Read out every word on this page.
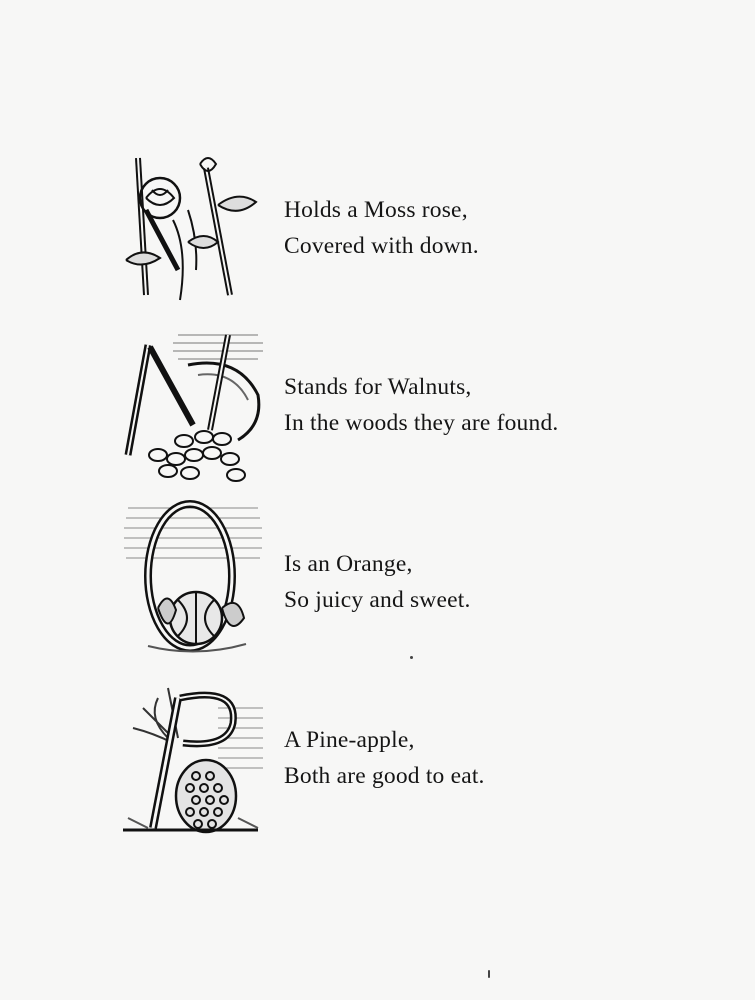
Holds a Moss rose,
Covered with down.
Stands for Walnuts,
In the woods they are found.
Is an Orange,
So juicy and sweet.
A Pine-apple,
Both are good to eat.
